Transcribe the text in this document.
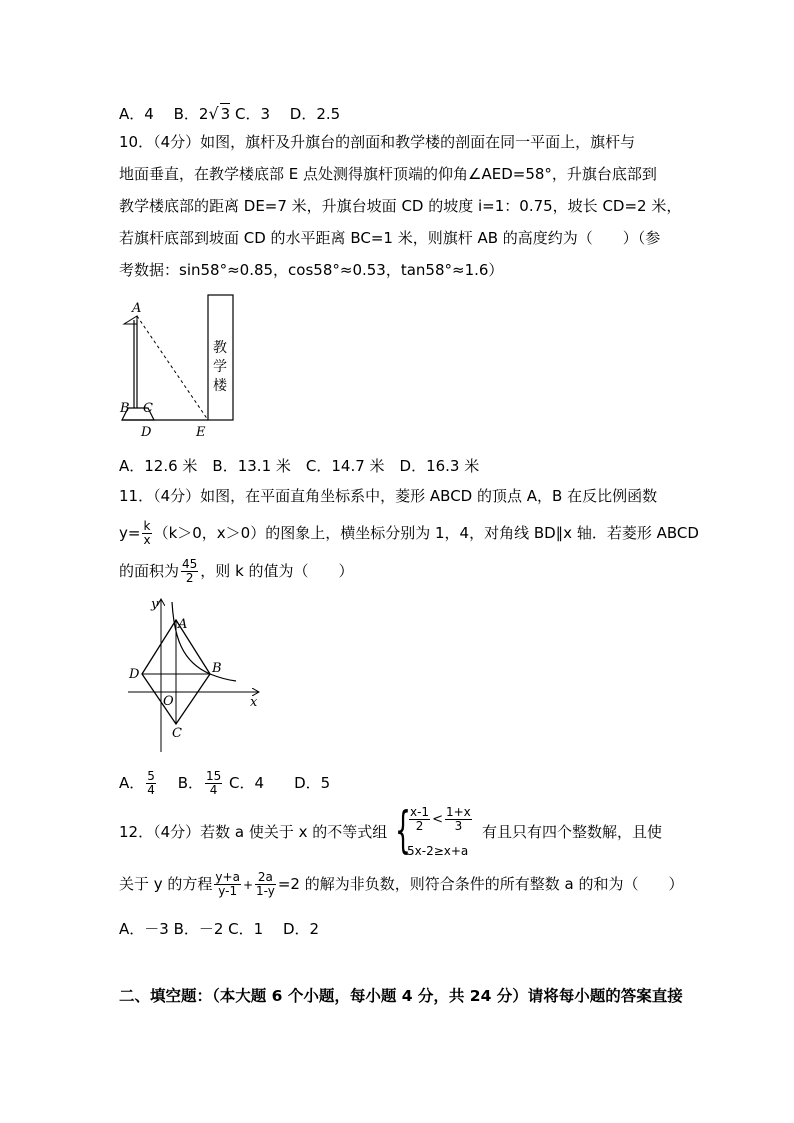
A．4　 B．2√ 3 C．3　 D．2.5
10．（4分）如图，旗杆及升旗台的剖面和教学楼的剖面在同一平面上，旗杆与
地面垂直，在教学楼底部 E 点处测得旗杆顶端的仰角∠AED=58°，升旗台底部到
教学楼底部的距离 DE=7 米，升旗台坡面 CD 的坡度 i=1：0.75，坡长 CD=2 米，
若旗杆底部到坡面 CD 的水平距离 BC=1 米，则旗杆 AB 的高度约为（　　）（参
考数据：sin58°≈0.85，cos58°≈0.53，tan58°≈1.6）
教
学
楼
A
B C
D	E
A．12.6 米　B．13.1 米　C．14.7 米　D．16.3 米
11．（4分）如图，在平面直角坐标系中，菱形 ABCD 的顶点 A，B 在反比例函数
$y= \frac{k}{x} (k>0$，x＞0）的图象上，横坐标分别为 1，4，对角线 BD∥x 轴．若菱形 ABCD
的面积为 $\frac{45}{2}$ ，则 k 的值为（　　）
y
x
A
B
C
D
O
A． $\frac{5}{4}$
　 B． $\frac{15}{4}$ C．4　　D．5
12．（4分）若数 a 使关于 x 的不等式组 {
$\frac{x-1}{2} < \frac{1+x}{3}$
5x-2≥x+a
有且只有四个整数解，且使
关于 y 的方程 $\frac{y+a}{y-1} + \frac{2a}{1-y} =2$ 的解为非负数，则符合条件的所有整数 a 的和为（　　）
A．－3 B．－2 C．1　 D．2
二、填空题：（本大题 6 个小题，每小题 4 分，共 24 分）请将每小题的答案直接
